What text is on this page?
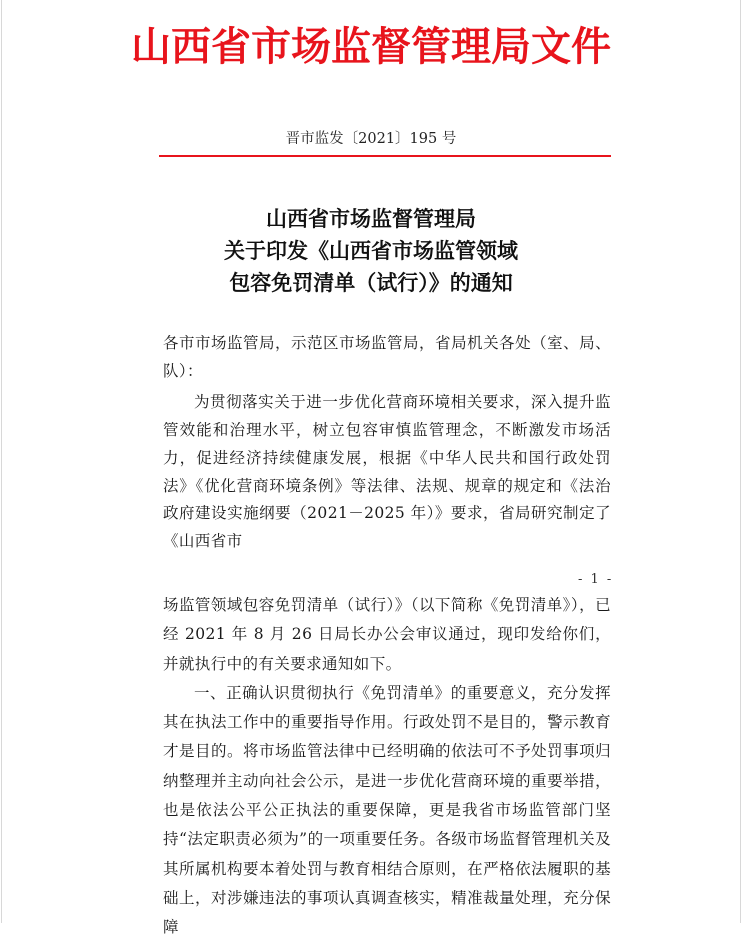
山西省市场监督管理局文件
晋市监发〔2021〕195 号
山西省市场监督管理局
关于印发《山西省市场监管领域
包容免罚清单（试行）》的通知

各市市场监管局，示范区市场监管局，省局机关各处（室、局、队）：

为贯彻落实关于进一步优化营商环境相关要求，深入提升监管效能和治理水平，树立包容审慎监管理念，不断激发市场活力，促进经济持续健康发展，根据《中华人民共和国行政处罚法》《优化营商环境条例》等法律、法规、规章的规定和《法治政府建设实施纲要（2021－2025 年）》要求，省局研究制定了《山西省市

- 1 -

场监管领域包容免罚清单（试行）》（以下简称《免罚清单》），已经 2021 年 8 月 26 日局长办公会审议通过，现印发给你们，并就执行中的有关要求通知如下。

一、正确认识贯彻执行《免罚清单》的重要意义，充分发挥其在执法工作中的重要指导作用。行政处罚不是目的，警示教育才是目的。将市场监管法律中已经明确的依法可不予处罚事项归纳整理并主动向社会公示，是进一步优化营商环境的重要举措，也是依法公平公正执法的重要保障，更是我省市场监管部门坚持“法定职责必须为”的一项重要任务。各级市场监督管理机关及其所属机构要本着处罚与教育相结合原则，在严格依法履职的基础上，对涉嫌违法的事项认真调查核实，精准裁量处理，充分保障
